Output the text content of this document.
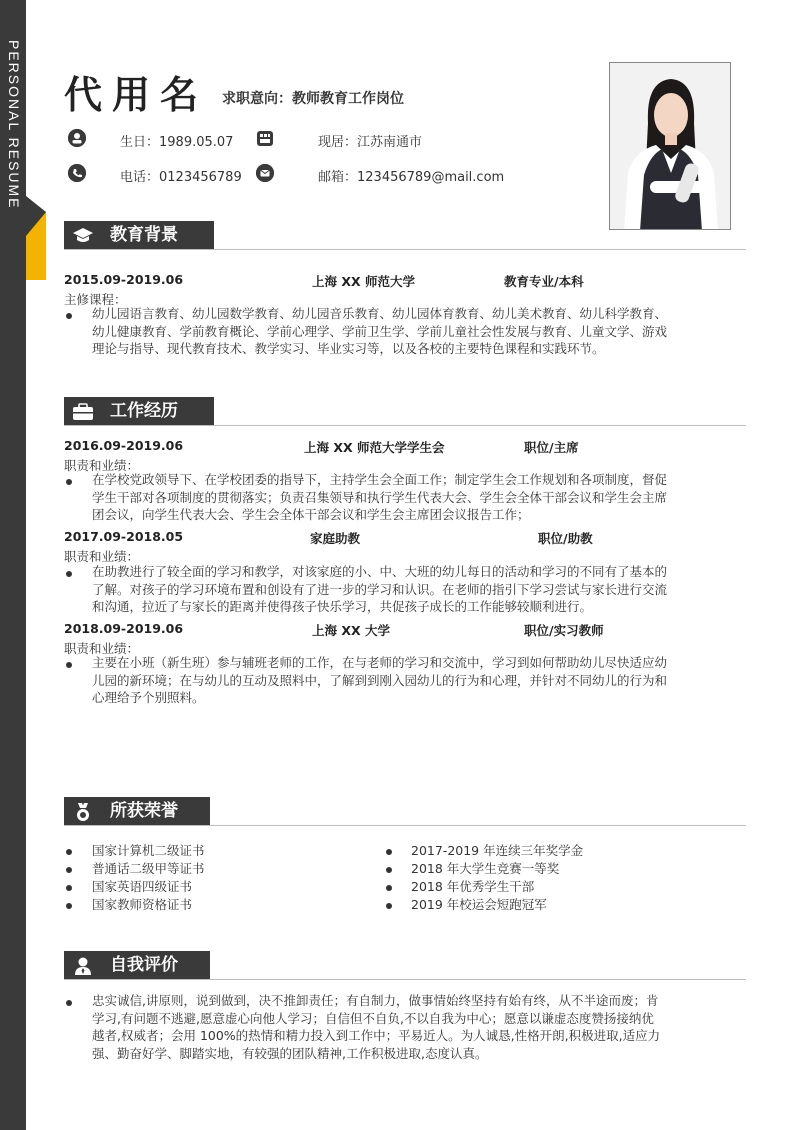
PERSONAL RESUME 代用名 求职意向：教师教育工作岗位
生日：1989.05.07	现居：江苏南通市
电话：0123456789	邮箱：123456789@mail.com
教育背景
2015.09-2019.06	上海 XX 师范大学	教育专业/本科
主修课程：
幼儿园语言教育、幼儿园数学教育、幼儿园音乐教育、幼儿园体育教育、幼儿美术教育、幼儿科学教育、
幼儿健康教育、学前教育概论、学前心理学、学前卫生学、学前儿童社会性发展与教育、儿童文学、游戏
理论与指导、现代教育技术、教学实习、毕业实习等，以及各校的主要特色课程和实践环节。
工作经历
2016.09-2019.06	上海 XX 师范大学学生会	职位/主席
职责和业绩：
在学校党政领导下、在学校团委的指导下，主持学生会全面工作；制定学生会工作规划和各项制度，督促
学生干部对各项制度的贯彻落实；负责召集领导和执行学生代表大会、学生会全体干部会议和学生会主席
团会议，向学生代表大会、学生会全体干部会议和学生会主席团会议报告工作；
2017.09-2018.05	家庭助教	职位/助教
职责和业绩：
在助教进行了较全面的学习和教学，对该家庭的小、中、大班的幼儿每日的活动和学习的不同有了基本的
了解。对孩子的学习环境布置和创设有了进一步的学习和认识。在老师的指引下学习尝试与家长进行交流
和沟通，拉近了与家长的距离并使得孩子快乐学习，共促孩子成长的工作能够较顺利进行。
2018.09-2019.06	上海 XX 大学	职位/实习教师
职责和业绩：
主要在小班（新生班）参与辅班老师的工作，在与老师的学习和交流中，学习到如何帮助幼儿尽快适应幼
儿园的新环境；在与幼儿的互动及照料中，了解到到刚入园幼儿的行为和心理，并针对不同幼儿的行为和
心理给予个别照料。
所获荣誉
国家计算机二级证书
普通话二级甲等证书
国家英语四级证书
国家教师资格证书
2017-2019 年连续三年奖学金
2018 年大学生竞赛一等奖
2018 年优秀学生干部
2019 年校运会短跑冠军
自我评价
忠实诚信,讲原则，说到做到，决不推卸责任；有自制力，做事情始终坚持有始有终，从不半途而废；肯
学习,有问题不逃避,愿意虚心向他人学习；自信但不自负,不以自我为中心；愿意以谦虚态度赞扬接纳优
越者,权威者；会用 100%的热情和精力投入到工作中；平易近人。为人诚恳,性格开朗,积极进取,适应力
强、勤奋好学、脚踏实地，有较强的团队精神,工作积极进取,态度认真。
